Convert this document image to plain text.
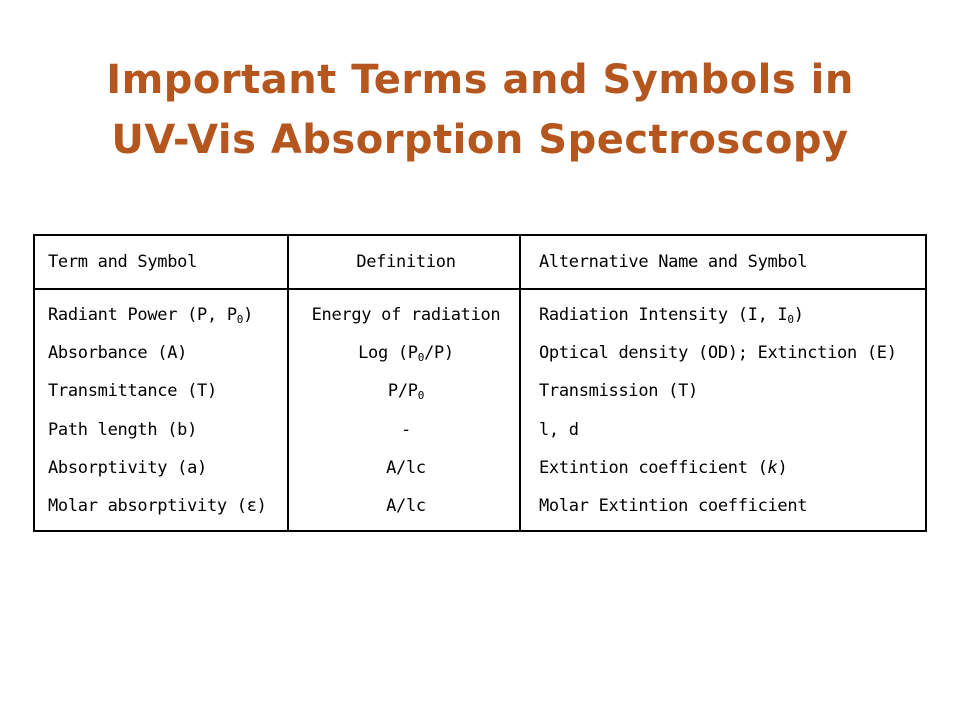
Important Terms and Symbols in
UV-Vis Absorption Spectroscopy
Term and Symbol	Definition	Alternative Name and Symbol
Radiant Power (P, $P_0$)	Energy of radiation	Radiation Intensity (I, $I_0$)
Absorbance (A)	Log $(P_0/P)$	Optical density (OD); Extinction (E)
Transmittance (T)	$P/P_0$	Transmission (T)
Path length (b)	-	l, d
Absorptivity (a)	A/lc	Extintion coefficient (k)
Molar absorptivity (ε)	A/lc	Molar Extintion coefficient
